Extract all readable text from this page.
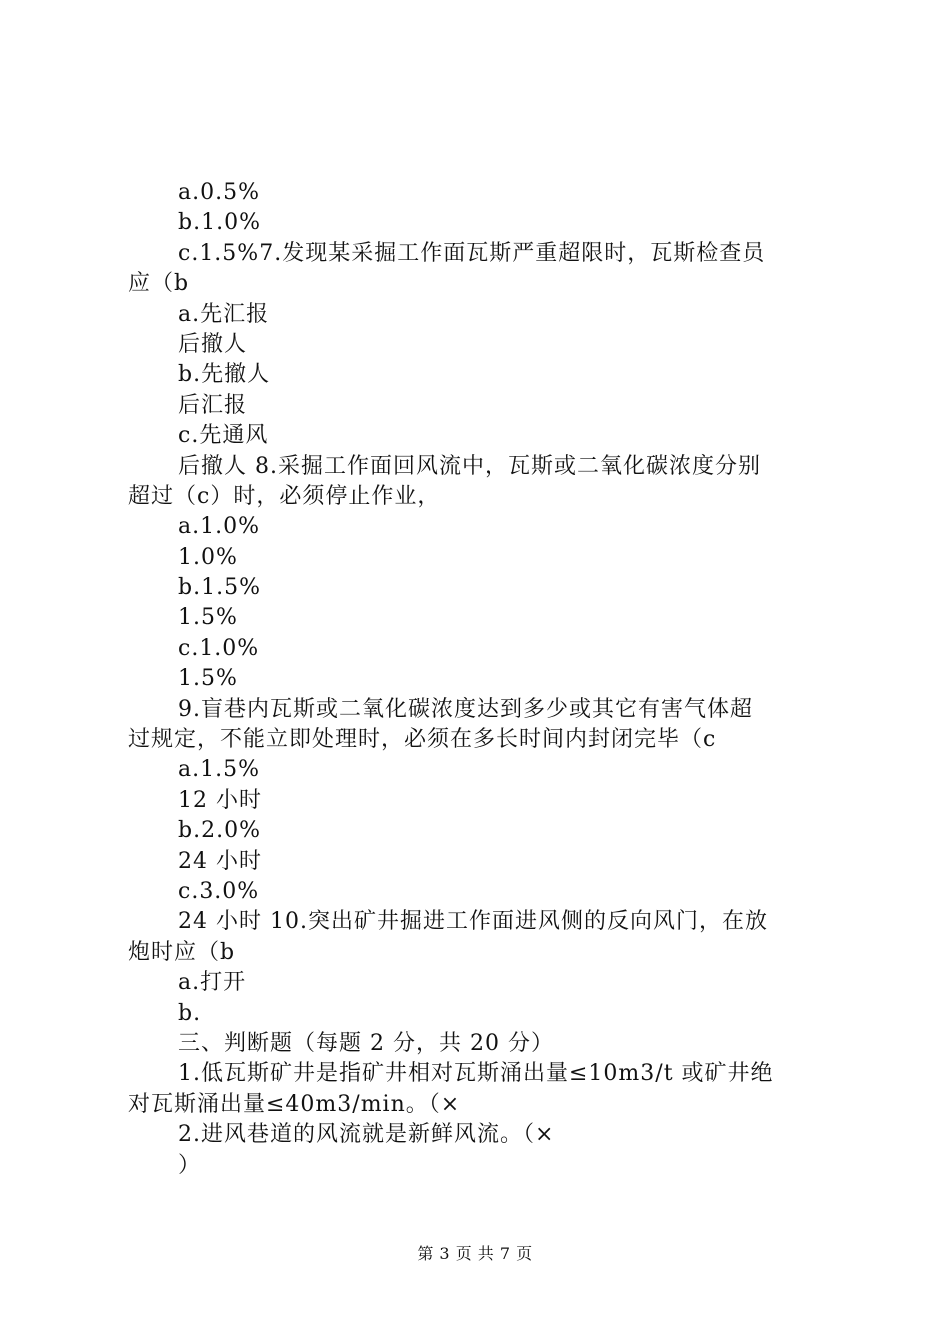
a.0.5%
b.1.0%
c.1.5%7.发现某采掘工作面瓦斯严重超限时，瓦斯检查员
应（b
a.先汇报
后撤人
b.先撤人
后汇报
c.先通风
后撤人 8.采掘工作面回风流中，瓦斯或二氧化碳浓度分别
超过（c）时，必须停止作业，
a.1.0%
1.0%
b.1.5%
1.5%
c.1.0%
1.5%
9.盲巷内瓦斯或二氧化碳浓度达到多少或其它有害气体超
过规定，不能立即处理时，必须在多长时间内封闭完毕（c
a.1.5%
12 小时
b.2.0%
24 小时
c.3.0%
24 小时 10.突出矿井掘进工作面进风侧的反向风门，在放
炮时应（b
a.打开
b.
三、判断题（每题 2 分，共 20 分）
1.低瓦斯矿井是指矿井相对瓦斯涌出量≤10m3/t 或矿井绝
对瓦斯涌出量≤40m3/min。（×
2.进风巷道的风流就是新鲜风流。（×
）
第 3 页 共 7 页
